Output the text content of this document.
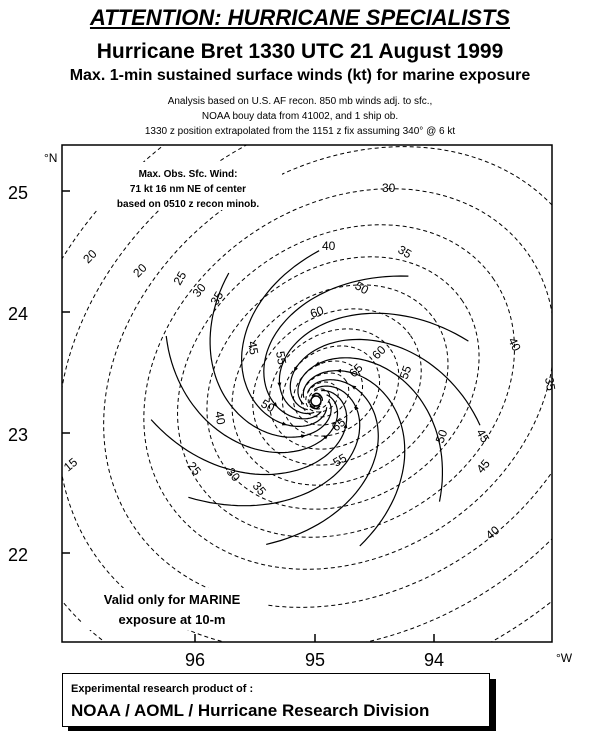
ATTENTION: HURRICANE SPECIALISTS
Hurricane Bret 1330 UTC 21 August 1999
Max. 1-min sustained surface winds (kt) for marine exposure
Analysis based on U.S. AF recon. 850 mb winds adj. to sfc.,
NOAA bouy data from 41002, and 1 ship ob.
1330 z position extrapolated from the 1151 z fix assuming 340° @ 6 kt
15
20
20 25
30
35
40
45
50
55
60
65
30
35
40
35
40
45
50
55
60
65
50
55	45
40
35
30
25
Max. Obs. Sfc. Wind:
71 kt 16 nm NE of center
based on 0510 z recon minob.
Valid only for MARINE
exposure at 10-m
25
24
23
22
96	95	94
°N
°W
Experimental research product of :
NOAA / AOML / Hurricane Research Division
